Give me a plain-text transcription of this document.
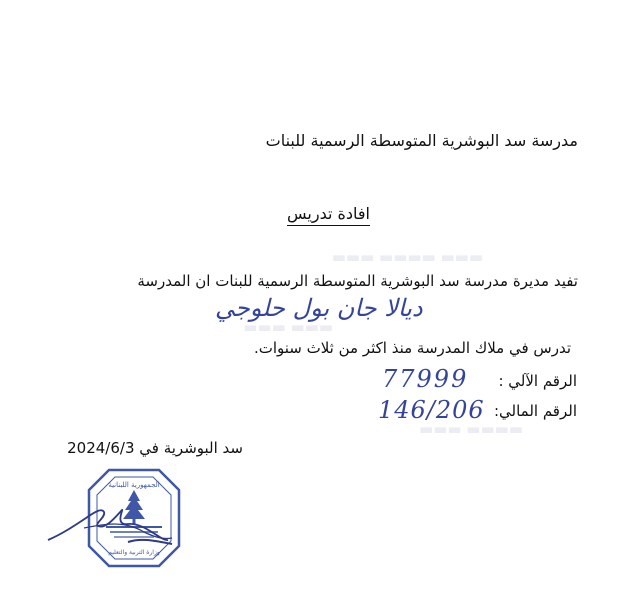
▬▬▬ ▬▬▬▬ ▬▬▬
▬▬▬ ▬▬▬
▬▬▬▬ ▬▬▬
مدرسة سد البوشرية المتوسطة الرسمية للبنات
افادة تدريس
تفيد مديرة مدرسة سد البوشرية المتوسطة الرسمية للبنات ان المدرسة
ديالا جان بول حلوجي
تدرس في ملاك المدرسة منذ اكثر من ثلاث سنوات.
الرقم الآلي :
77999
الرقم المالي:
146/206
سد البوشرية في 2024/6/3
الجمهورية اللبنانية
وزارة التربية والتعليم
